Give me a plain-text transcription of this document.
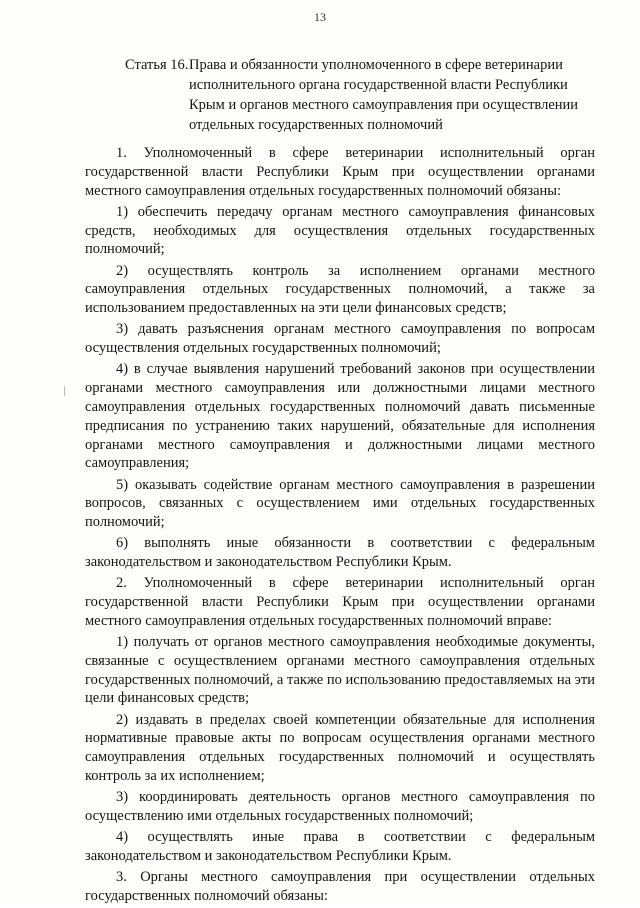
13
Статья 16. Права и обязанности уполномоченного в сфере ветеринарии исполнительного органа государственной власти Республики Крым и органов местного самоуправления при осуществлении отдельных государственных полномочий

1. Уполномоченный в сфере ветеринарии исполнительный орган государственной власти Республики Крым при осуществлении органами местного самоуправления отдельных государственных полномочий обязаны:

1) обеспечить передачу органам местного самоуправления финансовых средств, необходимых для осуществления отдельных государственных полномочий;

2) осуществлять контроль за исполнением органами местного самоуправления отдельных государственных полномочий, а также за использованием предоставленных на эти цели финансовых средств;

3) давать разъяснения органам местного самоуправления по вопросам осуществления отдельных государственных полномочий;

4) в случае выявления нарушений требований законов при осуществлении органами местного самоуправления или должностными лицами местного самоуправления отдельных государственных полномочий давать письменные предписания по устранению таких нарушений, обязательные для исполнения органами местного самоуправления и должностными лицами местного самоуправления;

5) оказывать содействие органам местного самоуправления в разрешении вопросов, связанных с осуществлением ими отдельных государственных полномочий;

6) выполнять иные обязанности в соответствии с федеральным законодательством и законодательством Республики Крым.

2. Уполномоченный в сфере ветеринарии исполнительный орган государственной власти Республики Крым при осуществлении органами местного самоуправления отдельных государственных полномочий вправе:

1) получать от органов местного самоуправления необходимые документы, связанные с осуществлением органами местного самоуправления отдельных государственных полномочий, а также по использованию предоставляемых на эти цели финансовых средств;

2) издавать в пределах своей компетенции обязательные для исполнения нормативные правовые акты по вопросам осуществления органами местного самоуправления отдельных государственных полномочий и осуществлять контроль за их исполнением;

3) координировать деятельность органов местного самоуправления по осуществлению ими отдельных государственных полномочий;

4) осуществлять иные права в соответствии с федеральным законодательством и законодательством Республики Крым.

3. Органы местного самоуправления при осуществлении отдельных государственных полномочий обязаны:
